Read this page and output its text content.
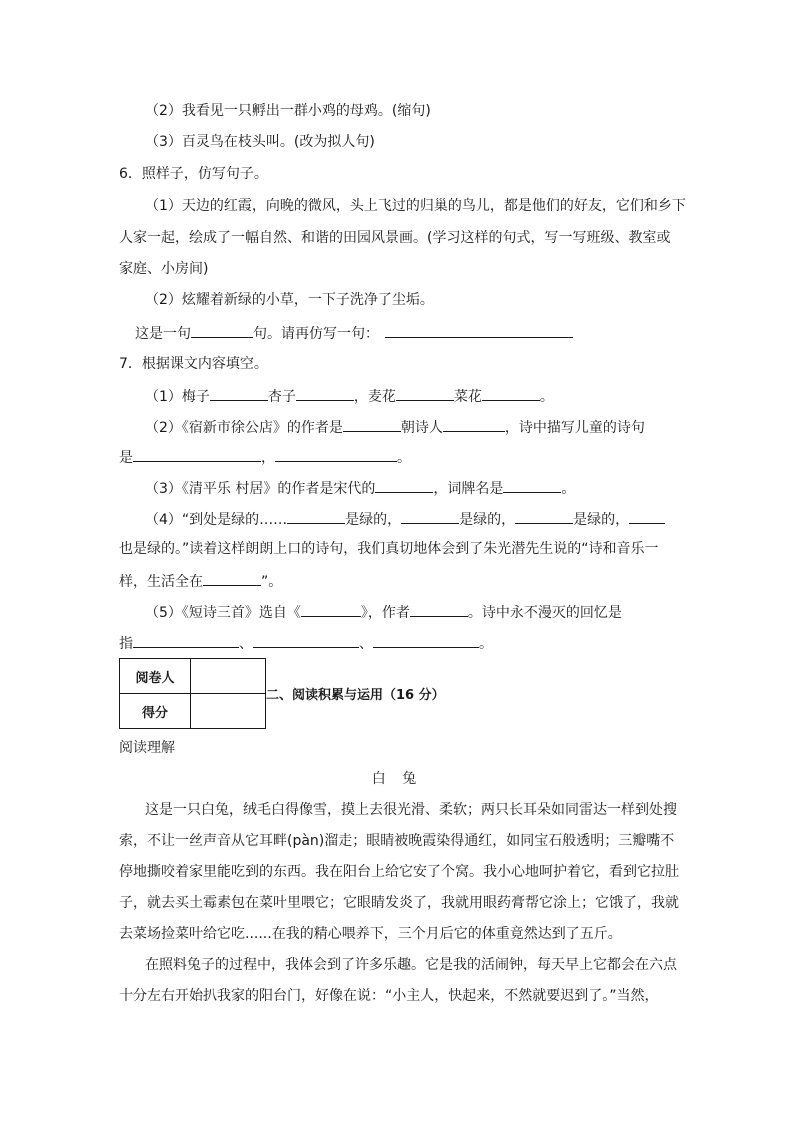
（2）我看见一只孵出一群小鸡的母鸡。(缩句)
（3）百灵鸟在枝头叫。(改为拟人句)
6．照样子，仿写句子。
（1）天边的红霞，向晚的微风，头上飞过的归巢的鸟儿，都是他们的好友，它们和乡下
人家一起，绘成了一幅自然、和谐的田园风景画。(学习这样的句式，写一写班级、教室或
家庭、小房间)
（2）炫耀着新绿的小草，一下子洗净了尘垢。
这是一句	句。请再仿写一句：
7．根据课文内容填空。
（1）梅子	杏子	，麦花	菜花	。
（2）《宿新市徐公店》的作者是	朝诗人	，诗中描写儿童的诗句
是	，	。
（3）《清平乐 村居》的作者是宋代的	，词牌名是	。
（4）“到处是绿的……	是绿的，	是绿的，	是绿的，
也是绿的。”读着这样朗朗上口的诗句，我们真切地体会到了朱光潜先生说的“诗和音乐一
样，生活全在	”。
（5）《短诗三首》选自《	》，作者	。诗中永不漫灭的回忆是
指	、	、	。
阅卷人	
得分	
二、阅读积累与运用（16 分）
阅读理解
白 兔
这是一只白兔，绒毛白得像雪，摸上去很光滑、柔软；两只长耳朵如同雷达一样到处搜
索，不让一丝声音从它耳畔(pàn)溜走；眼睛被晚霞染得通红，如同宝石般透明；三瓣嘴不
停地撕咬着家里能吃到的东西。我在阳台上给它安了个窝。我小心地呵护着它，看到它拉肚
子，就去买土霉素包在菜叶里喂它；它眼睛发炎了，我就用眼药膏帮它涂上；它饿了，我就
去菜场捡菜叶给它吃......在我的精心喂养下，三个月后它的体重竟然达到了五斤。
在照料兔子的过程中，我体会到了许多乐趣。它是我的活闹钟，每天早上它都会在六点
十分左右开始扒我家的阳台门，好像在说：“小主人，快起来，不然就要迟到了。”当然，
